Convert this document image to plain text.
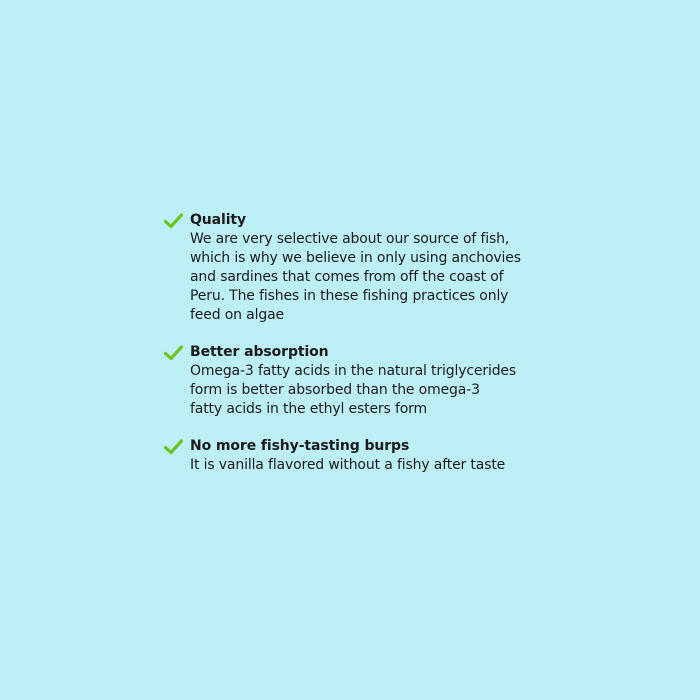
Quality
We are very selective about our source of fish,
which is why we believe in only using anchovies
and sardines that comes from off the coast of
Peru. The fishes in these fishing practices only
feed on algae
Better absorption
Omega-3 fatty acids in the natural triglycerides
form is better absorbed than the omega-3
fatty acids in the ethyl esters form
No more fishy-tasting burps
It is vanilla flavored without a fishy after taste
